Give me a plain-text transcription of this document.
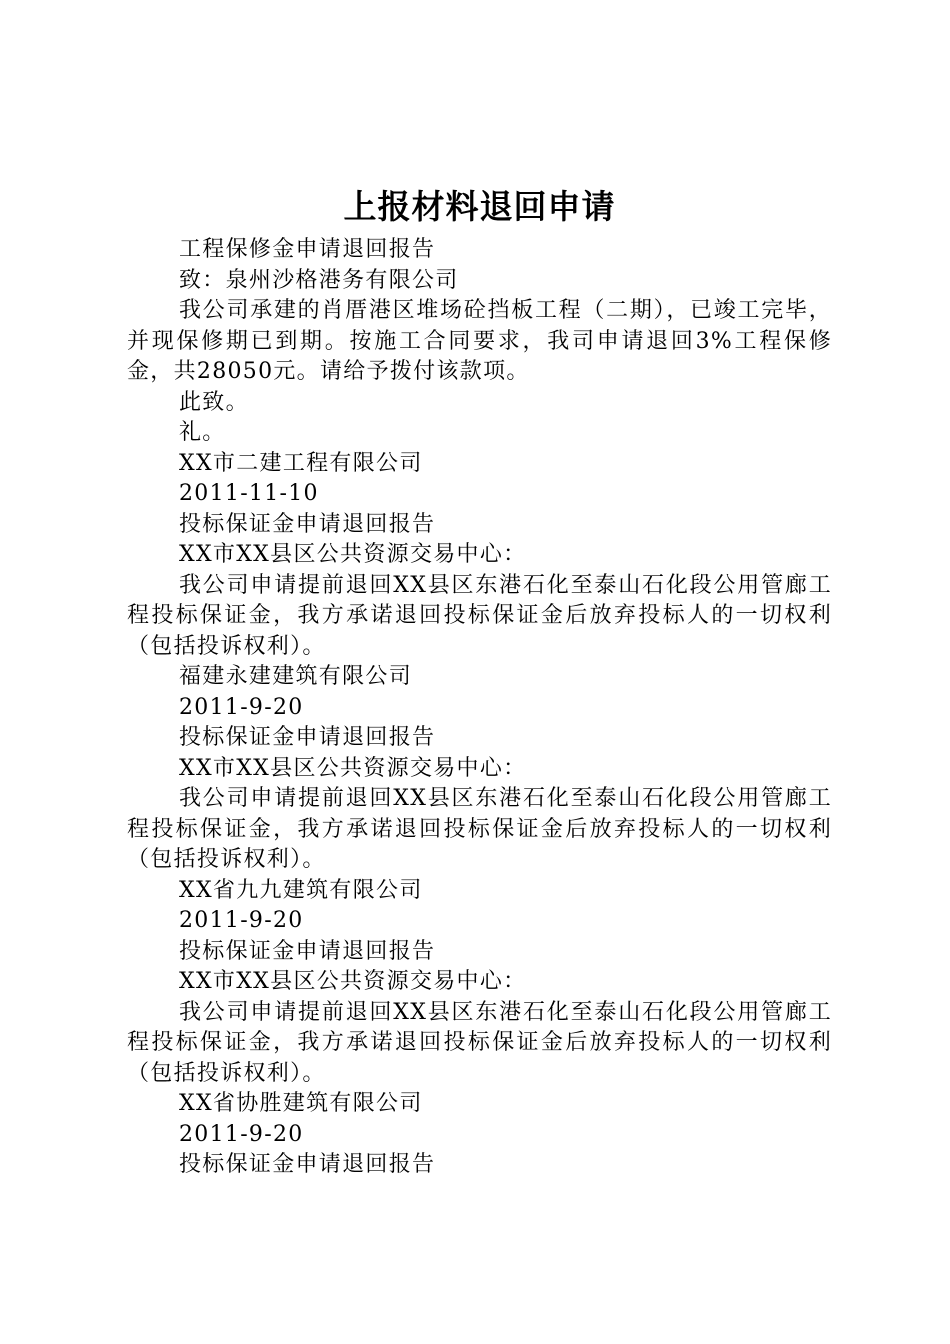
上报材料退回申请

工程保修金申请退回报告

致：泉州沙格港务有限公司

我公司承建的肖厝港区堆场砼挡板工程（二期），已竣工完毕，并现保修期已到期。按施工合同要求，我司申请退回3%工程保修金，共28050元。请给予拨付该款项。

此致。

礼。

XX市二建工程有限公司

2011-11-10

投标保证金申请退回报告

XX市XX县区公共资源交易中心：

我公司申请提前退回XX县区东港石化至泰山石化段公用管廊工程投标保证金，我方承诺退回投标保证金后放弃投标人的一切权利（包括投诉权利）。

福建永建建筑有限公司

2011-9-20

投标保证金申请退回报告

XX市XX县区公共资源交易中心：

我公司申请提前退回XX县区东港石化至泰山石化段公用管廊工程投标保证金，我方承诺退回投标保证金后放弃投标人的一切权利（包括投诉权利）。

XX省九九建筑有限公司

2011-9-20

投标保证金申请退回报告

XX市XX县区公共资源交易中心：

我公司申请提前退回XX县区东港石化至泰山石化段公用管廊工程投标保证金，我方承诺退回投标保证金后放弃投标人的一切权利（包括投诉权利）。

XX省协胜建筑有限公司

2011-9-20

投标保证金申请退回报告
